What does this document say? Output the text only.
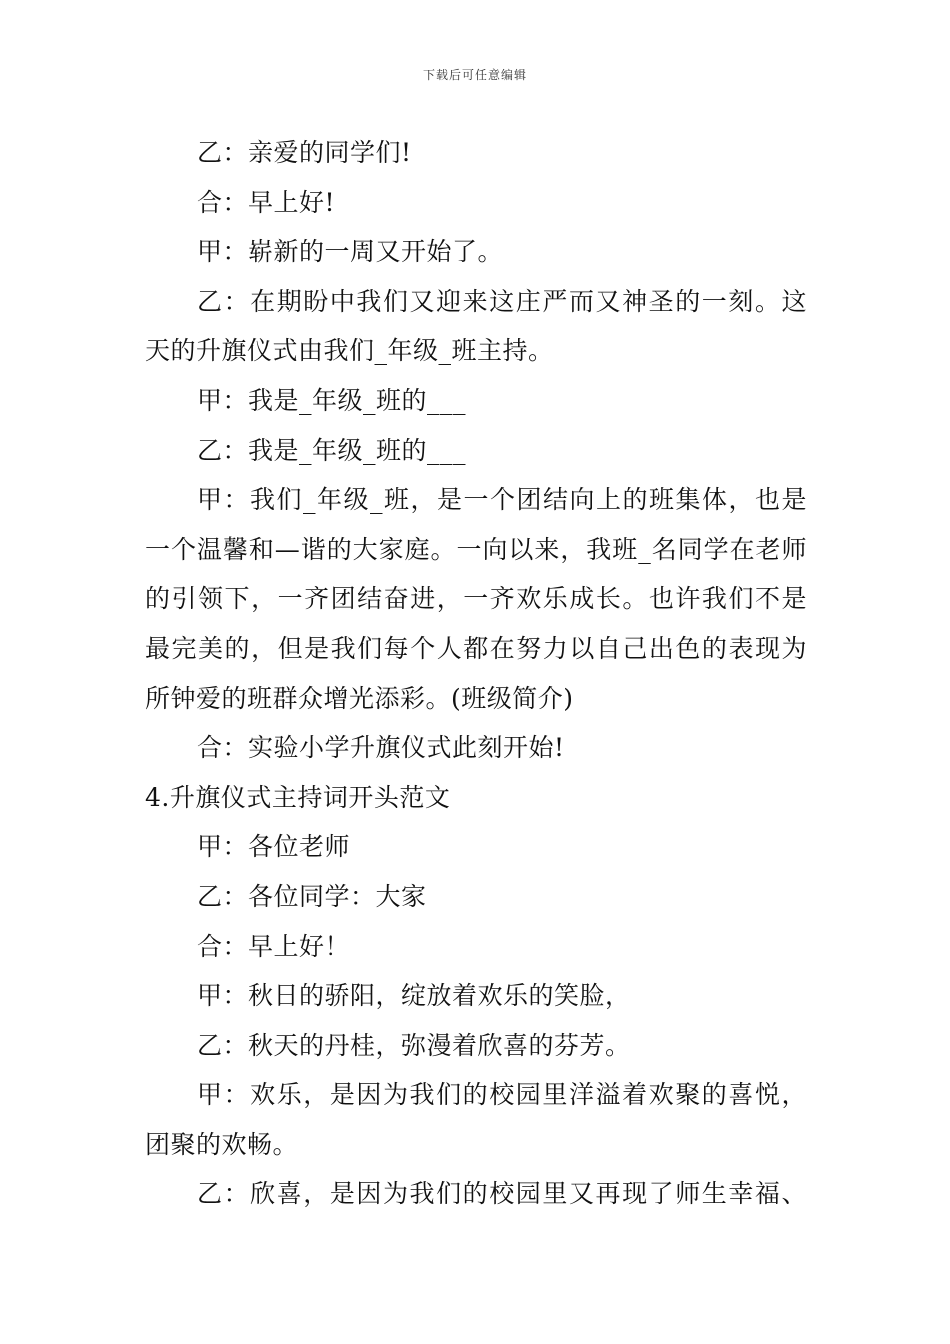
下载后可任意编辑
乙：亲爱的同学们!
合：早上好!
甲：崭新的一周又开始了。
乙：在期盼中我们又迎来这庄严而又神圣的一刻。这
天的升旗仪式由我们_年级_班主持。
甲：我是_年级_班的___
乙：我是_年级_班的___
甲：我们_年级_班，是一个团结向上的班集体，也是
一个温馨和—谐的大家庭。一向以来，我班_名同学在老师
的引领下，一齐团结奋进，一齐欢乐成长。也许我们不是
最完美的，但是我们每个人都在努力以自己出色的表现为
所钟爱的班群众增光添彩。(班级简介)
合：实验小学升旗仪式此刻开始!
4.升旗仪式主持词开头范文
甲：各位老师
乙：各位同学：大家
合：早上好！
甲：秋日的骄阳，绽放着欢乐的笑脸，
乙：秋天的丹桂，弥漫着欣喜的芬芳。
甲：欢乐，是因为我们的校园里洋溢着欢聚的喜悦，
团聚的欢畅。
乙：欣喜，是因为我们的校园里又再现了师生幸福、
